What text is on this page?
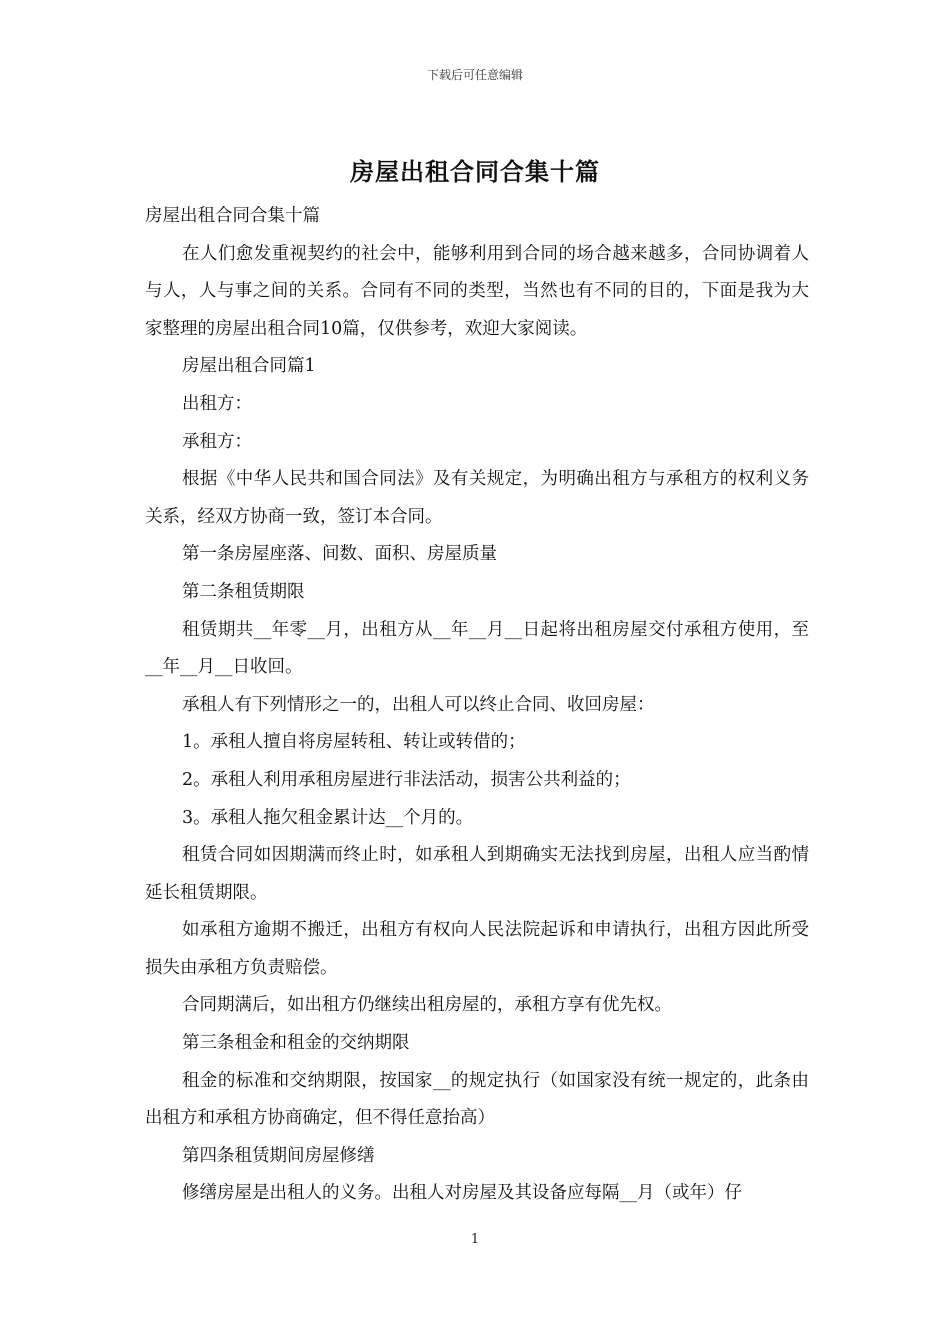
下载后可任意编辑
房屋出租合同合集十篇

房屋出租合同合集十篇

在人们愈发重视契约的社会中，能够利用到合同的场合越来越多，合同协调着人与人，人与事之间的关系。合同有不同的类型，当然也有不同的目的，下面是我为大家整理的房屋出租合同10篇，仅供参考，欢迎大家阅读。

房屋出租合同篇1

出租方：

承租方：

根据《中华人民共和国合同法》及有关规定，为明确出租方与承租方的权利义务关系，经双方协商一致，签订本合同。

第一条房屋座落、间数、面积、房屋质量

第二条租赁期限

租赁期共__年零__月，出租方从__年__月__日起将出租房屋交付承租方使用，至__年__月__日收回。

承租人有下列情形之一的，出租人可以终止合同、收回房屋：

1。承租人擅自将房屋转租、转让或转借的；

2。承租人利用承租房屋进行非法活动，损害公共利益的；

3。承租人拖欠租金累计达__个月的。

租赁合同如因期满而终止时，如承租人到期确实无法找到房屋，出租人应当酌情延长租赁期限。

如承租方逾期不搬迁，出租方有权向人民法院起诉和申请执行，出租方因此所受损失由承租方负责赔偿。

合同期满后，如出租方仍继续出租房屋的，承租方享有优先权。

第三条租金和租金的交纳期限

租金的标准和交纳期限，按国家__的规定执行（如国家没有统一规定的，此条由出租方和承租方协商确定，但不得任意抬高）

第四条租赁期间房屋修缮

修缮房屋是出租人的义务。出租人对房屋及其设备应每隔__月（或年）仔

1
